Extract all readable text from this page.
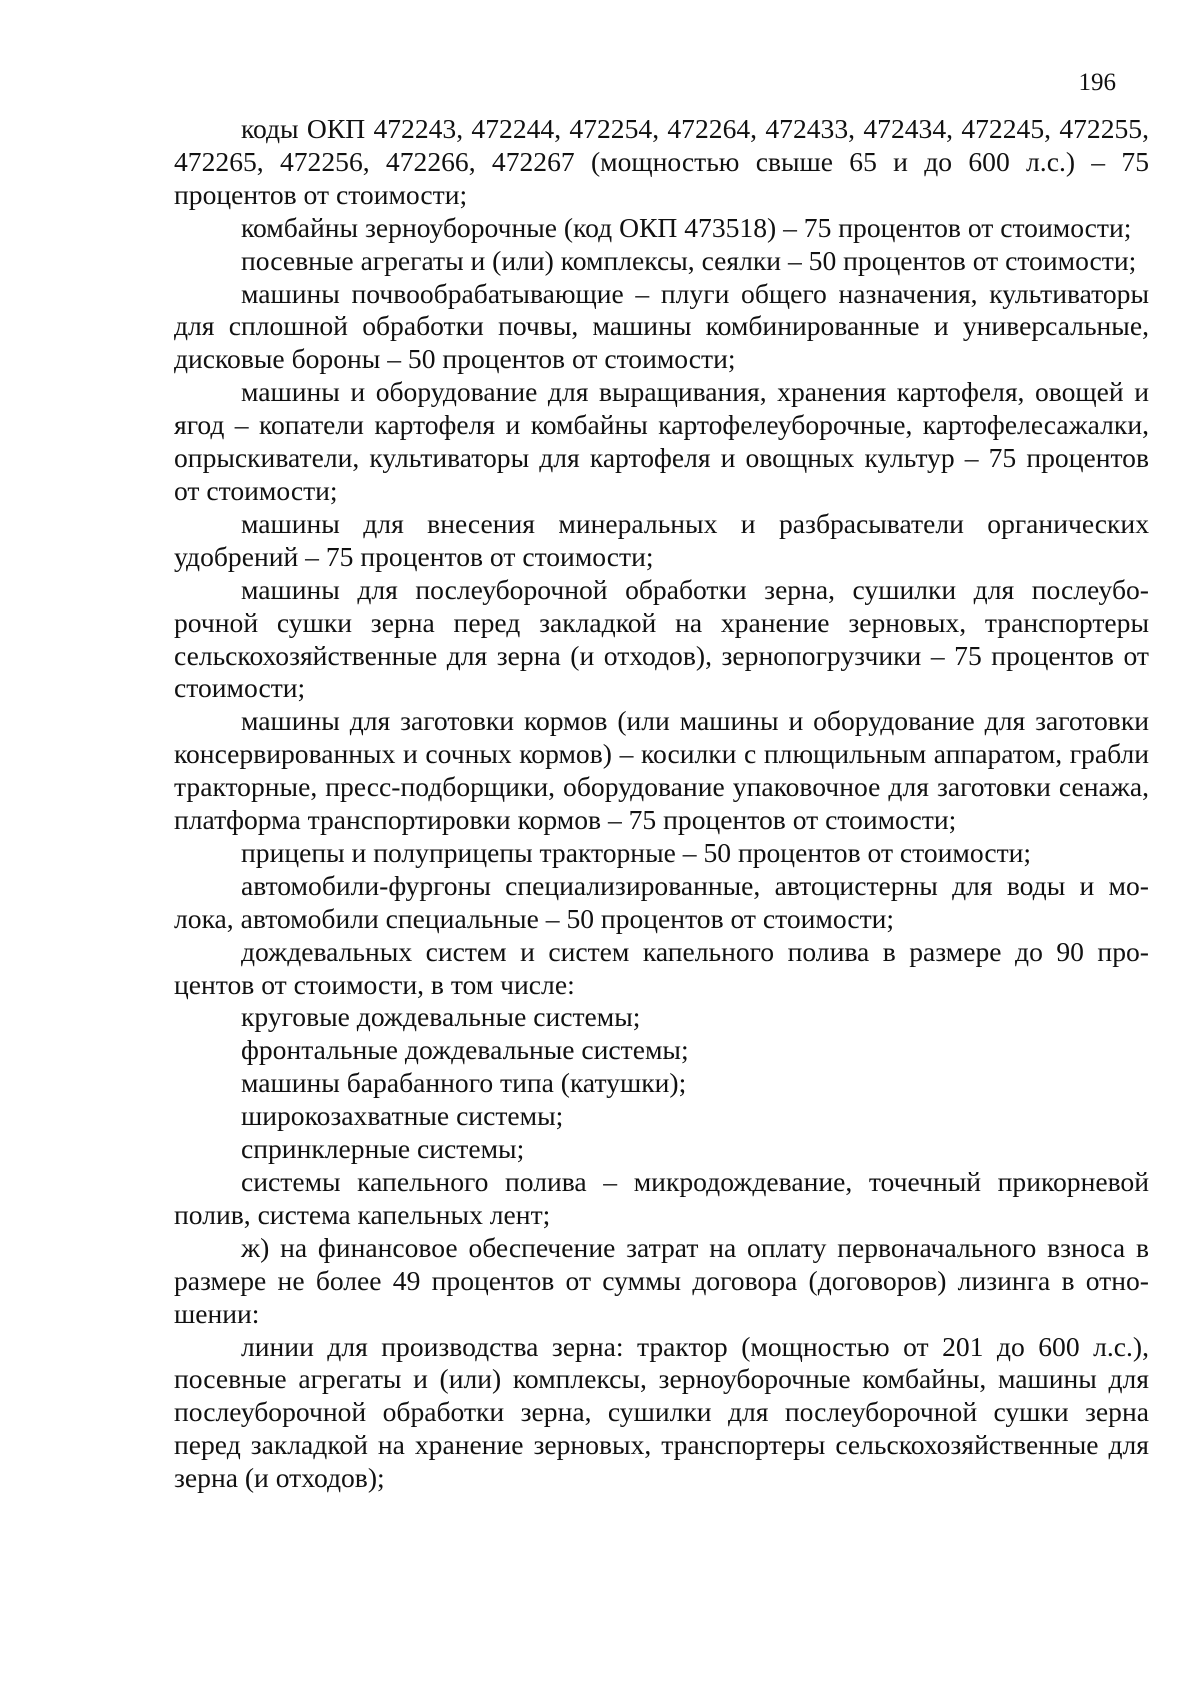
196

коды ОКП 472243, 472244, 472254, 472264, 472433, 472434, 472245, 472255, 472265, 472256, 472266, 472267 (мощностью свыше 65 и до 600 л.с.) – 75 процентов от стоимости;

комбайны зерноуборочные (код ОКП 473518) – 75 процентов от стоимости;

посевные агрегаты и (или) комплексы, сеялки – 50 процентов от стоимости;

машины почвообрабатывающие – плуги общего назначения, культиваторы для сплошной обработки почвы, машины комбинированные и универсальные, дисковые бороны – 50 процентов от стоимости;

машины и оборудование для выращивания, хранения картофеля, овощей и ягод – копатели картофеля и комбайны картофелеуборочные, картофелесажалки, опрыскиватели, культиваторы для картофеля и овощных культур – 75 процентов от стоимости;

машины для внесения минеральных и разбрасыватели органических удобрений – 75 процентов от стоимости;

машины для послеуборочной обработки зерна, сушилки для послеуборочной сушки зерна перед закладкой на хранение зерновых, транспортеры сельскохозяйственные для зерна (и отходов), зернопогрузчики – 75 процентов от стоимости;

машины для заготовки кормов (или машины и оборудование для заготовки консервированных и сочных кормов) – косилки с плющильным аппаратом, грабли тракторные, пресс-подборщики, оборудование упаковочное для заготовки сенажа, платформа транспортировки кормов – 75 процентов от стоимости;

прицепы и полуприцепы тракторные – 50 процентов от стоимости;

автомобили-фургоны специализированные, автоцистерны для воды и молока, автомобили специальные – 50 процентов от стоимости;

дождевальных систем и систем капельного полива в размере до 90 процентов от стоимости, в том числе:

круговые дождевальные системы;

фронтальные дождевальные системы;

машины барабанного типа (катушки);

широкозахватные системы;

спринклерные системы;

системы капельного полива – микродождевание, точечный прикорневой полив, система капельных лент;

ж) на финансовое обеспечение затрат на оплату первоначального взноса в размере не более 49 процентов от суммы договора (договоров) лизинга в отношении:

линии для производства зерна: трактор (мощностью от 201 до 600 л.с.), посевные агрегаты и (или) комплексы, зерноуборочные комбайны, машины для послеуборочной обработки зерна, сушилки для послеуборочной сушки зерна перед закладкой на хранение зерновых, транспортеры сельскохозяйственные для зерна (и отходов);
